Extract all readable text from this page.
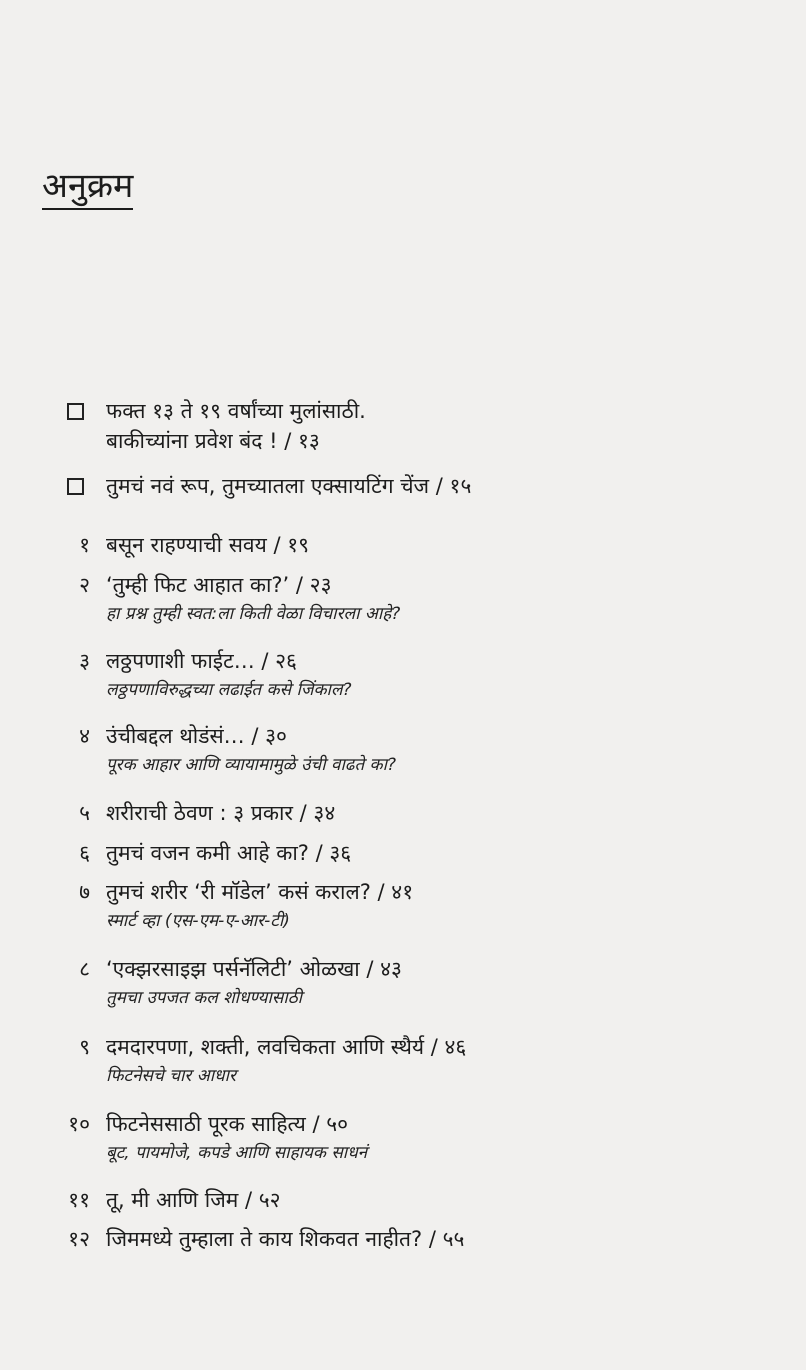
अनुक्रम
फक्त १३ ते १९ वर्षांच्या मुलांसाठी.
बाकीच्यांना प्रवेश बंद ! / १३
तुमचं नवं रूप, तुमच्यातला एक्सायटिंग चेंज / १५
१ बसून राहण्याची सवय / १९
२ ‘तुम्ही फिट आहात का?’ / २३
हा प्रश्न तुम्ही स्वत:ला किती वेळा विचारला आहे?
३ लठ्ठपणाशी फाईट… / २६
लठ्ठपणाविरुद्धच्या लढाईत कसे जिंकाल?
४ उंचीबद्दल थोडंसं… / ३०
पूरक आहार आणि व्यायामामुळे उंची वाढते का?
५ शरीराची ठेवण : ३ प्रकार / ३४
६ तुमचं वजन कमी आहे का? / ३६
७ तुमचं शरीर ‘री मॉडेल’ कसं कराल? / ४१
स्मार्ट व्हा (एस-एम-ए-आर-टी)
८ ‘एक्झरसाइझ पर्सनॅलिटी’ ओळखा / ४३
तुमचा उपजत कल शोधण्यासाठी
९ दमदारपणा, शक्ती, लवचिकता आणि स्थैर्य / ४६
फिटनेसचे चार आधार
१० फिटनेससाठी पूरक साहित्य / ५०
बूट, पायमोजे, कपडे आणि साहायक साधनं
११ तू, मी आणि जिम / ५२
१२ जिममध्ये तुम्हाला ते काय शिकवत नाहीत? / ५५
